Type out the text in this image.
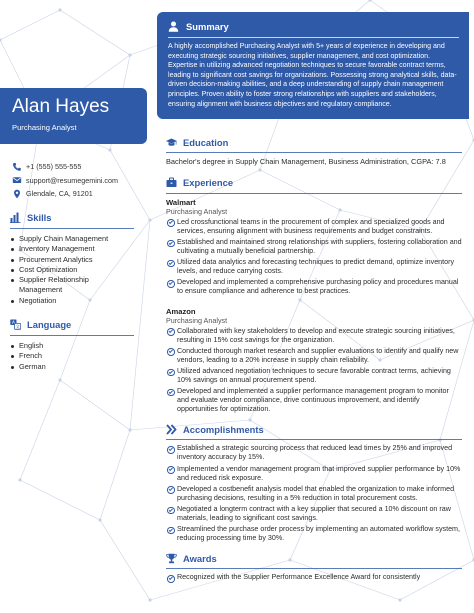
Alan Hayes
Purchasing Analyst
+1 (555) 555-555
support@resumegemini.com
Glendale, CA, 91201
Skills
Supply Chain Management
Inventory Management
Procurement Analytics
Cost Optimization
Supplier Relationship Management
Negotiation
A
文 Language
English
French
German
Summary

A highly accomplished Purchasing Analyst with 5+ years of experience in developing and executing strategic sourcing initiatives, supplier management, and cost optimization. Expertise in utilizing advanced negotiation techniques to secure favorable contract terms, leading to significant cost savings for organizations. Possessing strong analytical skills, data-driven decision-making abilities, and a deep understanding of supply chain management principles. Proven ability to foster strong relationships with suppliers and stakeholders, ensuring alignment with business objectives and regulatory compliance.

Education

Bachelor's degree in Supply Chain Management, Business Administration, CGPA: 7.8

Experience
Walmart
Purchasing Analyst
Led crossfunctional teams in the procurement of complex and specialized goods and services, ensuring alignment with business requirements and budget constraints.
Established and maintained strong relationships with suppliers, fostering collaboration and cultivating a mutually beneficial partnership.
Utilized data analytics and forecasting techniques to predict demand, optimize inventory levels, and reduce carrying costs.
Developed and implemented a comprehensive purchasing policy and procedures manual to ensure compliance and adherence to best practices.
Amazon
Purchasing Analyst
Collaborated with key stakeholders to develop and execute strategic sourcing initiatives, resulting in 15% cost savings for the organization.
Conducted thorough market research and supplier evaluations to identify and qualify new vendors, leading to a 20% increase in supply chain reliability.
Utilized advanced negotiation techniques to secure favorable contract terms, achieving 10% savings on annual procurement spend.
Developed and implemented a supplier performance management program to monitor and evaluate vendor compliance, drive continuous improvement, and identify opportunities for optimization.
Accomplishments
Established a strategic sourcing process that reduced lead times by 25% and improved inventory accuracy by 15%.
Implemented a vendor management program that improved supplier performance by 10% and reduced risk exposure.
Developed a costbenefit analysis model that enabled the organization to make informed purchasing decisions, resulting in a 5% reduction in total procurement costs.
Negotiated a longterm contract with a key supplier that secured a 10% discount on raw materials, leading to significant cost savings.
Streamlined the purchase order process by implementing an automated workflow system, reducing processing time by 30%.
Awards
Recognized with the Supplier Performance Excellence Award for consistently
